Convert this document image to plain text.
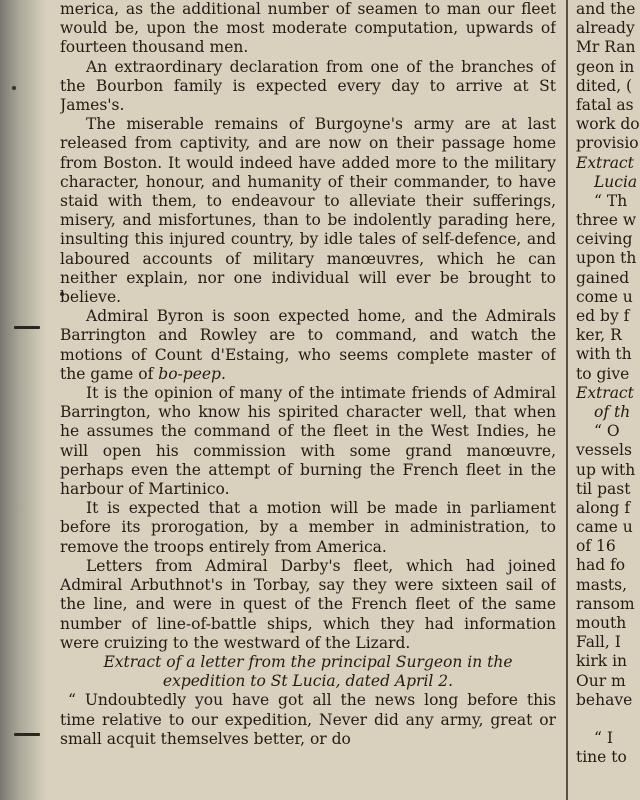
merica, as the additional number of seamen to man our fleet would be, upon the most moderate computation, upwards of fourteen thousand men.

An extraordinary declaration from one of the branches of the Bourbon family is expected every day to arrive at St James's.

The miserable remains of Burgoyne's army are at last released from captivity, and are now on their passage home from Boston. It would indeed have added more to the military character, honour, and humanity of their commander, to have staid with them, to endeavour to alleviate their sufferings, misery, and misfortunes, than to be indolently parading here, insulting this injured country, by idle tales of self-defence, and laboured accounts of military manœuvres, which he can neither explain, nor one individual will ever be brought to believe.

Admiral Byron is soon expected home, and the Admirals Barrington and Rowley are to command, and watch the motions of Count d'Estaing, who seems complete master of the game of bo-peep.

It is the opinion of many of the intimate friends of Admiral Barrington, who know his spirited character well, that when he assumes the command of the fleet in the West Indies, he will open his commission with some grand manœuvre, perhaps even the attempt of burning the French fleet in the harbour of Martinico.

It is expected that a motion will be made in parliament before its prorogation, by a member in administration, to remove the troops entirely from America.

Letters from Admiral Darby's fleet, which had joined Admiral Arbuthnot's in Torbay, say they were sixteen sail of the line, and were in quest of the French fleet of the same number of line-of-battle ships, which they had information were cruizing to the westward of the Lizard.

Extract of a letter from the principal Surgeon in the expedition to St Lucia, dated April 2.

“ Undoubtedly you have got all the news long before this time relative to our expedition, Never did any army, great or small acquit themselves better, or do

and the
already
Mr Ran
geon in
dited, (
fatal as
work do
provisio
Extract
Lucia
“ Th
three w
ceiving
upon th
gained
come u
ed by f
ker, R
with th
to give
Extract
of th
“ O
vessels
up with
til past
along f
came u
of 16
had fo
masts,
ransom
mouth
Fall, I
kirk in
Our m
behave
“ I
tine to
